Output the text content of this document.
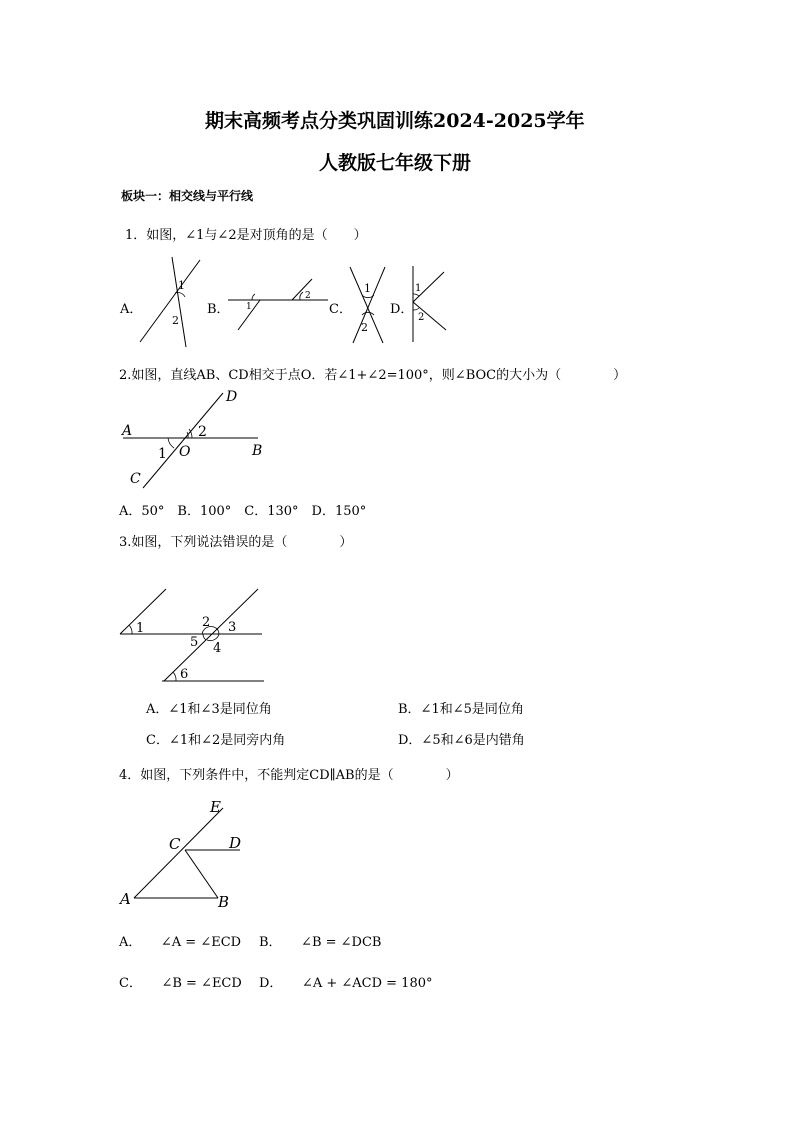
期末高频考点分类巩固训练2024-2025学年
人教版七年级下册
板块一：相交线与平行线
1．如图，∠1与∠2是对顶角的是（　　）
A．
1
2
B． 1
2
C．
1
2
D．
1
2
2.如图，直线AB、CD相交于点O．若∠1+∠2=100°，则∠BOC的大小为（　　　　）
A
B
C
D
O
1
2
A．50°　B．100°　C．130°　D．150°
3.如图，下列说法错误的是（　　　　）
1	2 3
4
5
6
A．∠1和∠3是同位角	B．∠1和∠5是同位角
C．∠1和∠2是同旁内角	D．∠5和∠6是内错角
4．如图，下列条件中，不能判定CD∥AB的是（　　　　）
E
C	D
A	B
A．　　∠A = ∠ECD B．　　∠B = ∠DCB
C．　　∠B = ∠ECD D．　　∠A + ∠ACD = 180°
